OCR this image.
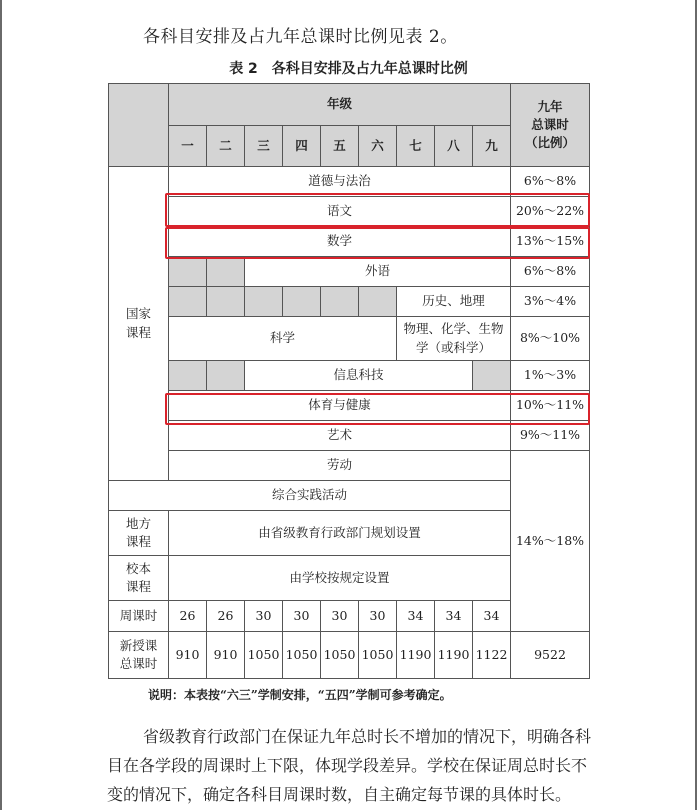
各科目安排及占九年总课时比例见表 2。
表 2　各科目安排及占九年总课时比例
	年级									九年
总课时
（比例）

	一	二	三	四	五	六	七	八	九	

国家
课程	道德与法治									6%～8%
	语文									20%～22%
	数学									13%～15%
			外语							6%～8%
							历史、地理			3%～4%
	科学						物理、化学、生物
学（或科学）			8%～10%
			信息科技							1%～3%
	体育与健康									10%～11%
	艺术									9%～11%
	劳动									14%～18%
综合实践活动										

地方
课程	由省级教育行政部门规划设置									

校本
课程	由学校按规定设置									
周课时	26	26	30	30	30	30	34	34	34	

新授课
总课时	910	910	1050	1050	1050	1050	1190	1190	1122	9522
说明：本表按“六三”学制安排，“五四”学制可参考确定。

省级教育行政部门在保证九年总时长不增加的情况下，明确各科

目在各学段的周课时上下限，体现学段差异。学校在保证周总时长不

变的情况下，确定各科目周课时数，自主确定每节课的具体时长。
